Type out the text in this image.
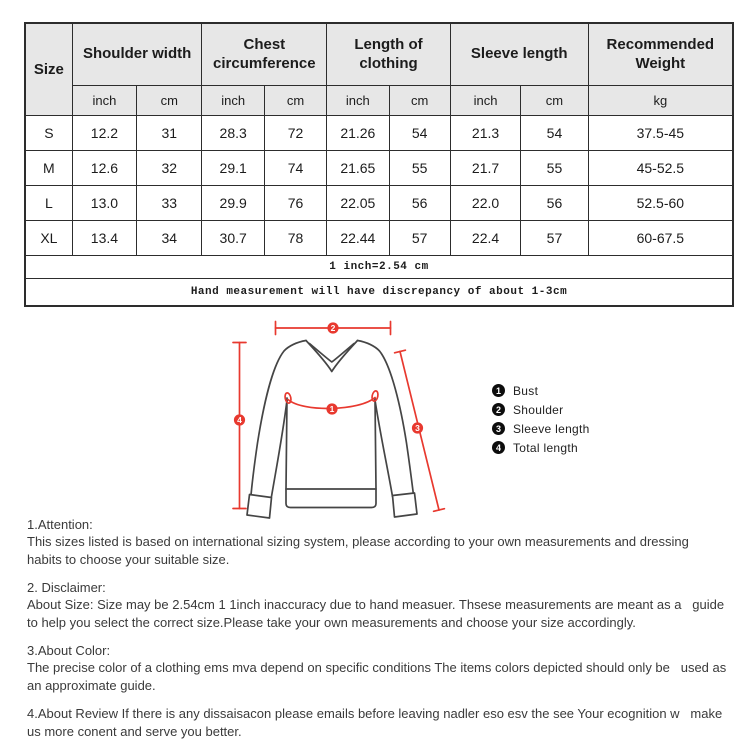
Size	Shoulder width		Chest circumference		Length of clothing		Sleeve length		Recommended Weight
	inch	cm	inch	cm	inch	cm	inch	cm	kg
S	12.2	31	28.3	72	21.26	54	21.3	54	37.5-45
M	12.6	32	29.1	74	21.65	55	21.7	55	45-52.5
L	13.0	33	29.9	76	22.05	56	22.0	56	52.5-60
XL	13.4	34	30.7	78	22.44	57	22.4	57	60-67.5
1 inch=2.54 cm									
Hand measurement will have discrepancy of about 1-3cm									
1
2
3
4
1	Bust
2	Shoulder
3	Sleeve length
4	Total length
1.Attention:
This sizes listed is based on international sizing system, please according to your own measurements and dressing   habits to choose your suitable size.
2. Disclaimer:
About Size: Size may be 2.54cm 1 1inch inaccuracy due to hand measuer. Thsese measurements are meant as a   guide to help you select the correct size.Please take your own measurements and choose your size accordingly.
3.About Color:
The precise color of a clothing ems mva depend on specific conditions The items colors depicted should only be   used as an approximate guide.
4.About Review If there is any dissaisacon please emails before leaving nadler eso esv the see Your ecognition w   make us more conent and serve you better.
